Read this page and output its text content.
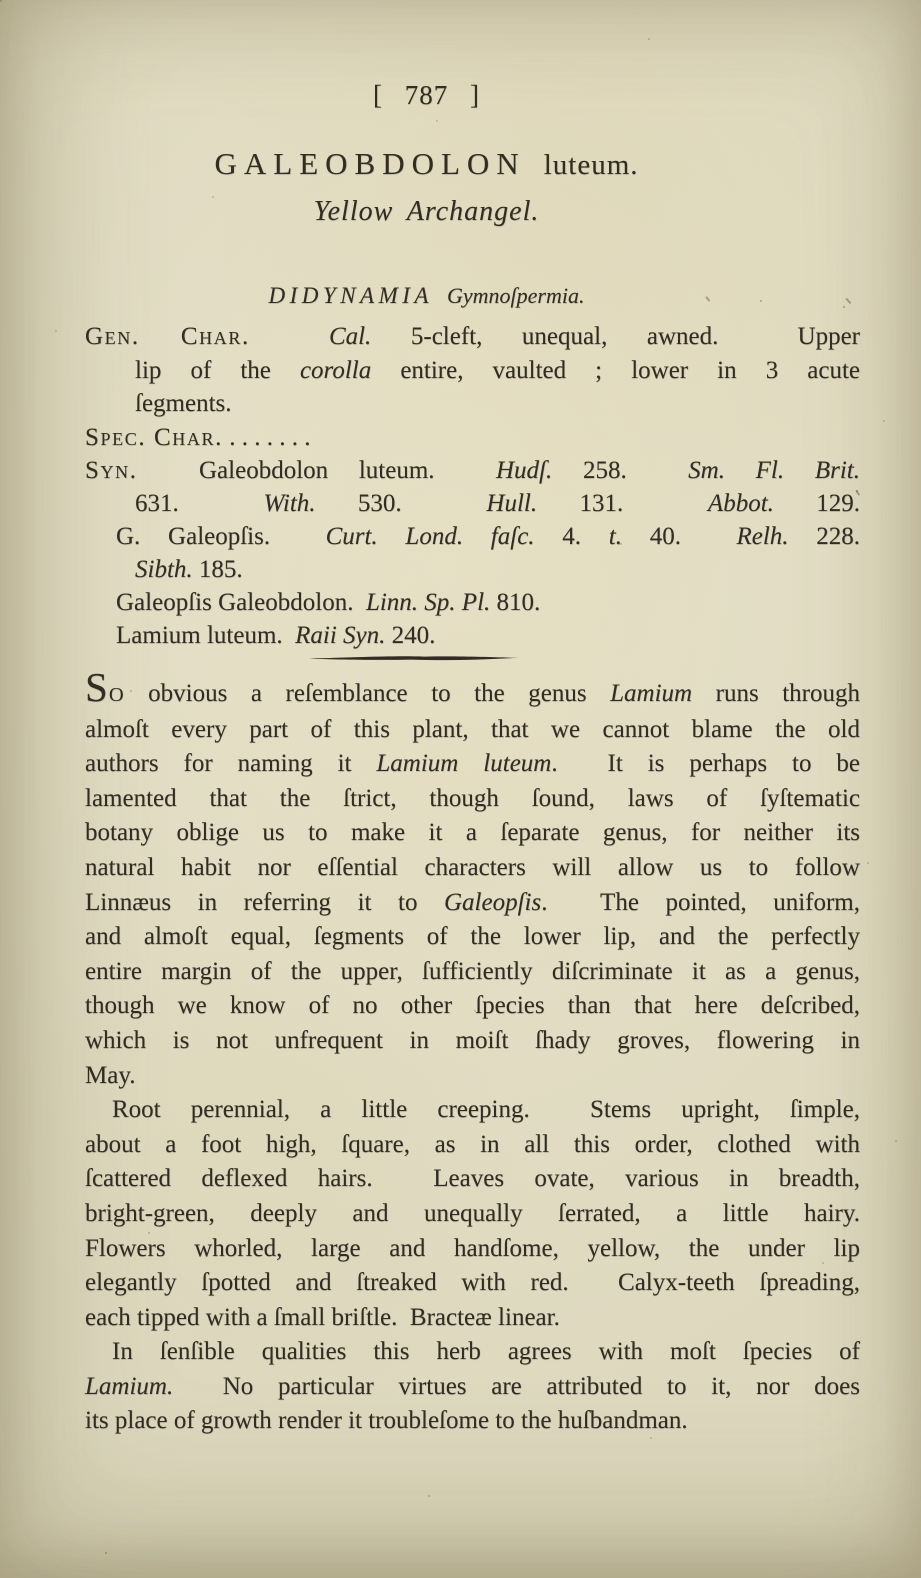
[ 787 ]
GALEOBDOLON luteum.
Yellow Archangel.
DIDYNAMIA Gymnoſpermia.
Gen. Char.	Cal. 5-cleft, unequal, awned.  Upper
lip of the corolla entire, vaulted ; lower in 3 acute
ſegments.
Spec. Char. . . . . . . .
Syn.  Galeobdolon luteum.  Hudſ. 258.  Sm. Fl. Brit.
631.  With. 530.  Hull. 131.  Abbot. 129.
G. Galeopſis.  Curt. Lond. faſc. 4. t. 40.  Relh. 228.
Sibth. 185.
Galeopſis Galeobdolon.  Linn. Sp. Pl. 810.
Lamium luteum.  Raii Syn. 240.
SO obvious a reſemblance to the genus Lamium runs through
almoſt every part of this plant, that we cannot blame the old
authors for naming it Lamium luteum.  It is perhaps to be
lamented that the ſtrict, though ſound, laws of ſyſtematic
botany oblige us to make it a ſeparate genus, for neither its
natural habit nor eſſential characters will allow us to follow
Linnæus in referring it to Galeopſis.  The pointed, uniform,
and almoſt equal, ſegments of the lower lip, and the perfectly
entire margin of the upper, ſufficiently diſcriminate it as a genus,
though we know of no other ſpecies than that here deſcribed,
which is not unfrequent in moiſt ſhady groves, flowering in
May.
Root perennial, a little creeping.  Stems upright, ſimple,
about a foot high, ſquare, as in all this order, clothed with
ſcattered deflexed hairs.  Leaves ovate, various in breadth,
bright-green, deeply and unequally ſerrated, a little hairy.
Flowers whorled, large and handſome, yellow, the under lip
elegantly ſpotted and ſtreaked with red.  Calyx-teeth ſpreading,
each tipped with a ſmall briſtle.  Bracteæ linear.
In ſenſible qualities this herb agrees with moſt ſpecies of
Lamium.  No particular virtues are attributed to it, nor does
its place of growth render it troubleſome to the huſbandman.
